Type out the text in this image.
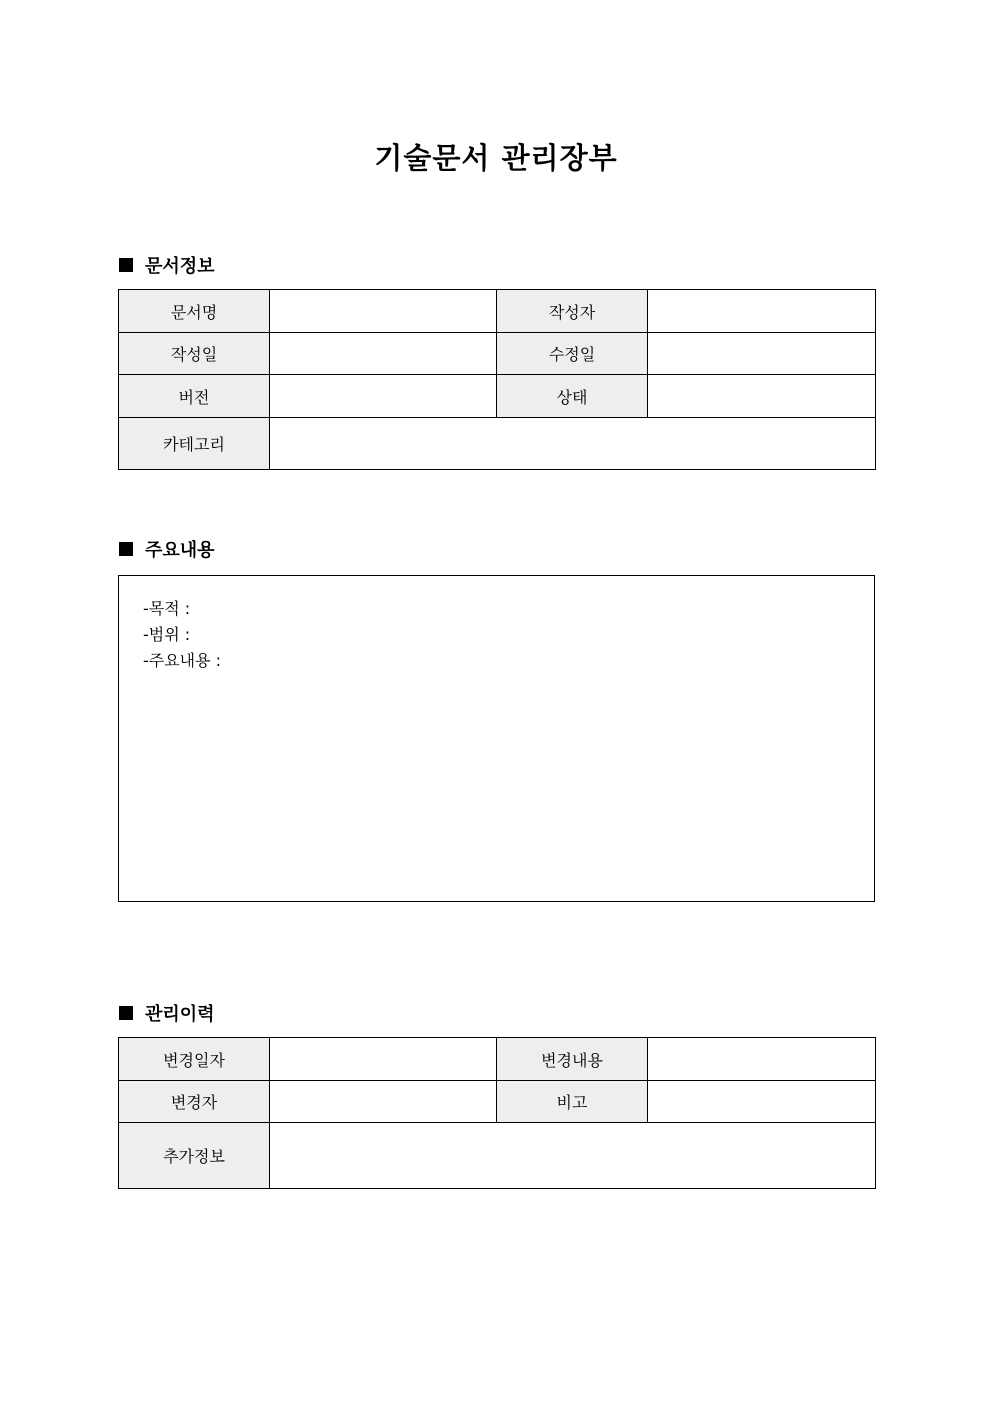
기술문서 관리장부
문서정보
문서명		작성자	
작성일		수정일	
버전		상태	
카테고리			
주요내용
-목적 :
-범위 :
-주요내용 :
관리이력
변경일자		변경내용	
변경자		비고	
추가정보			
